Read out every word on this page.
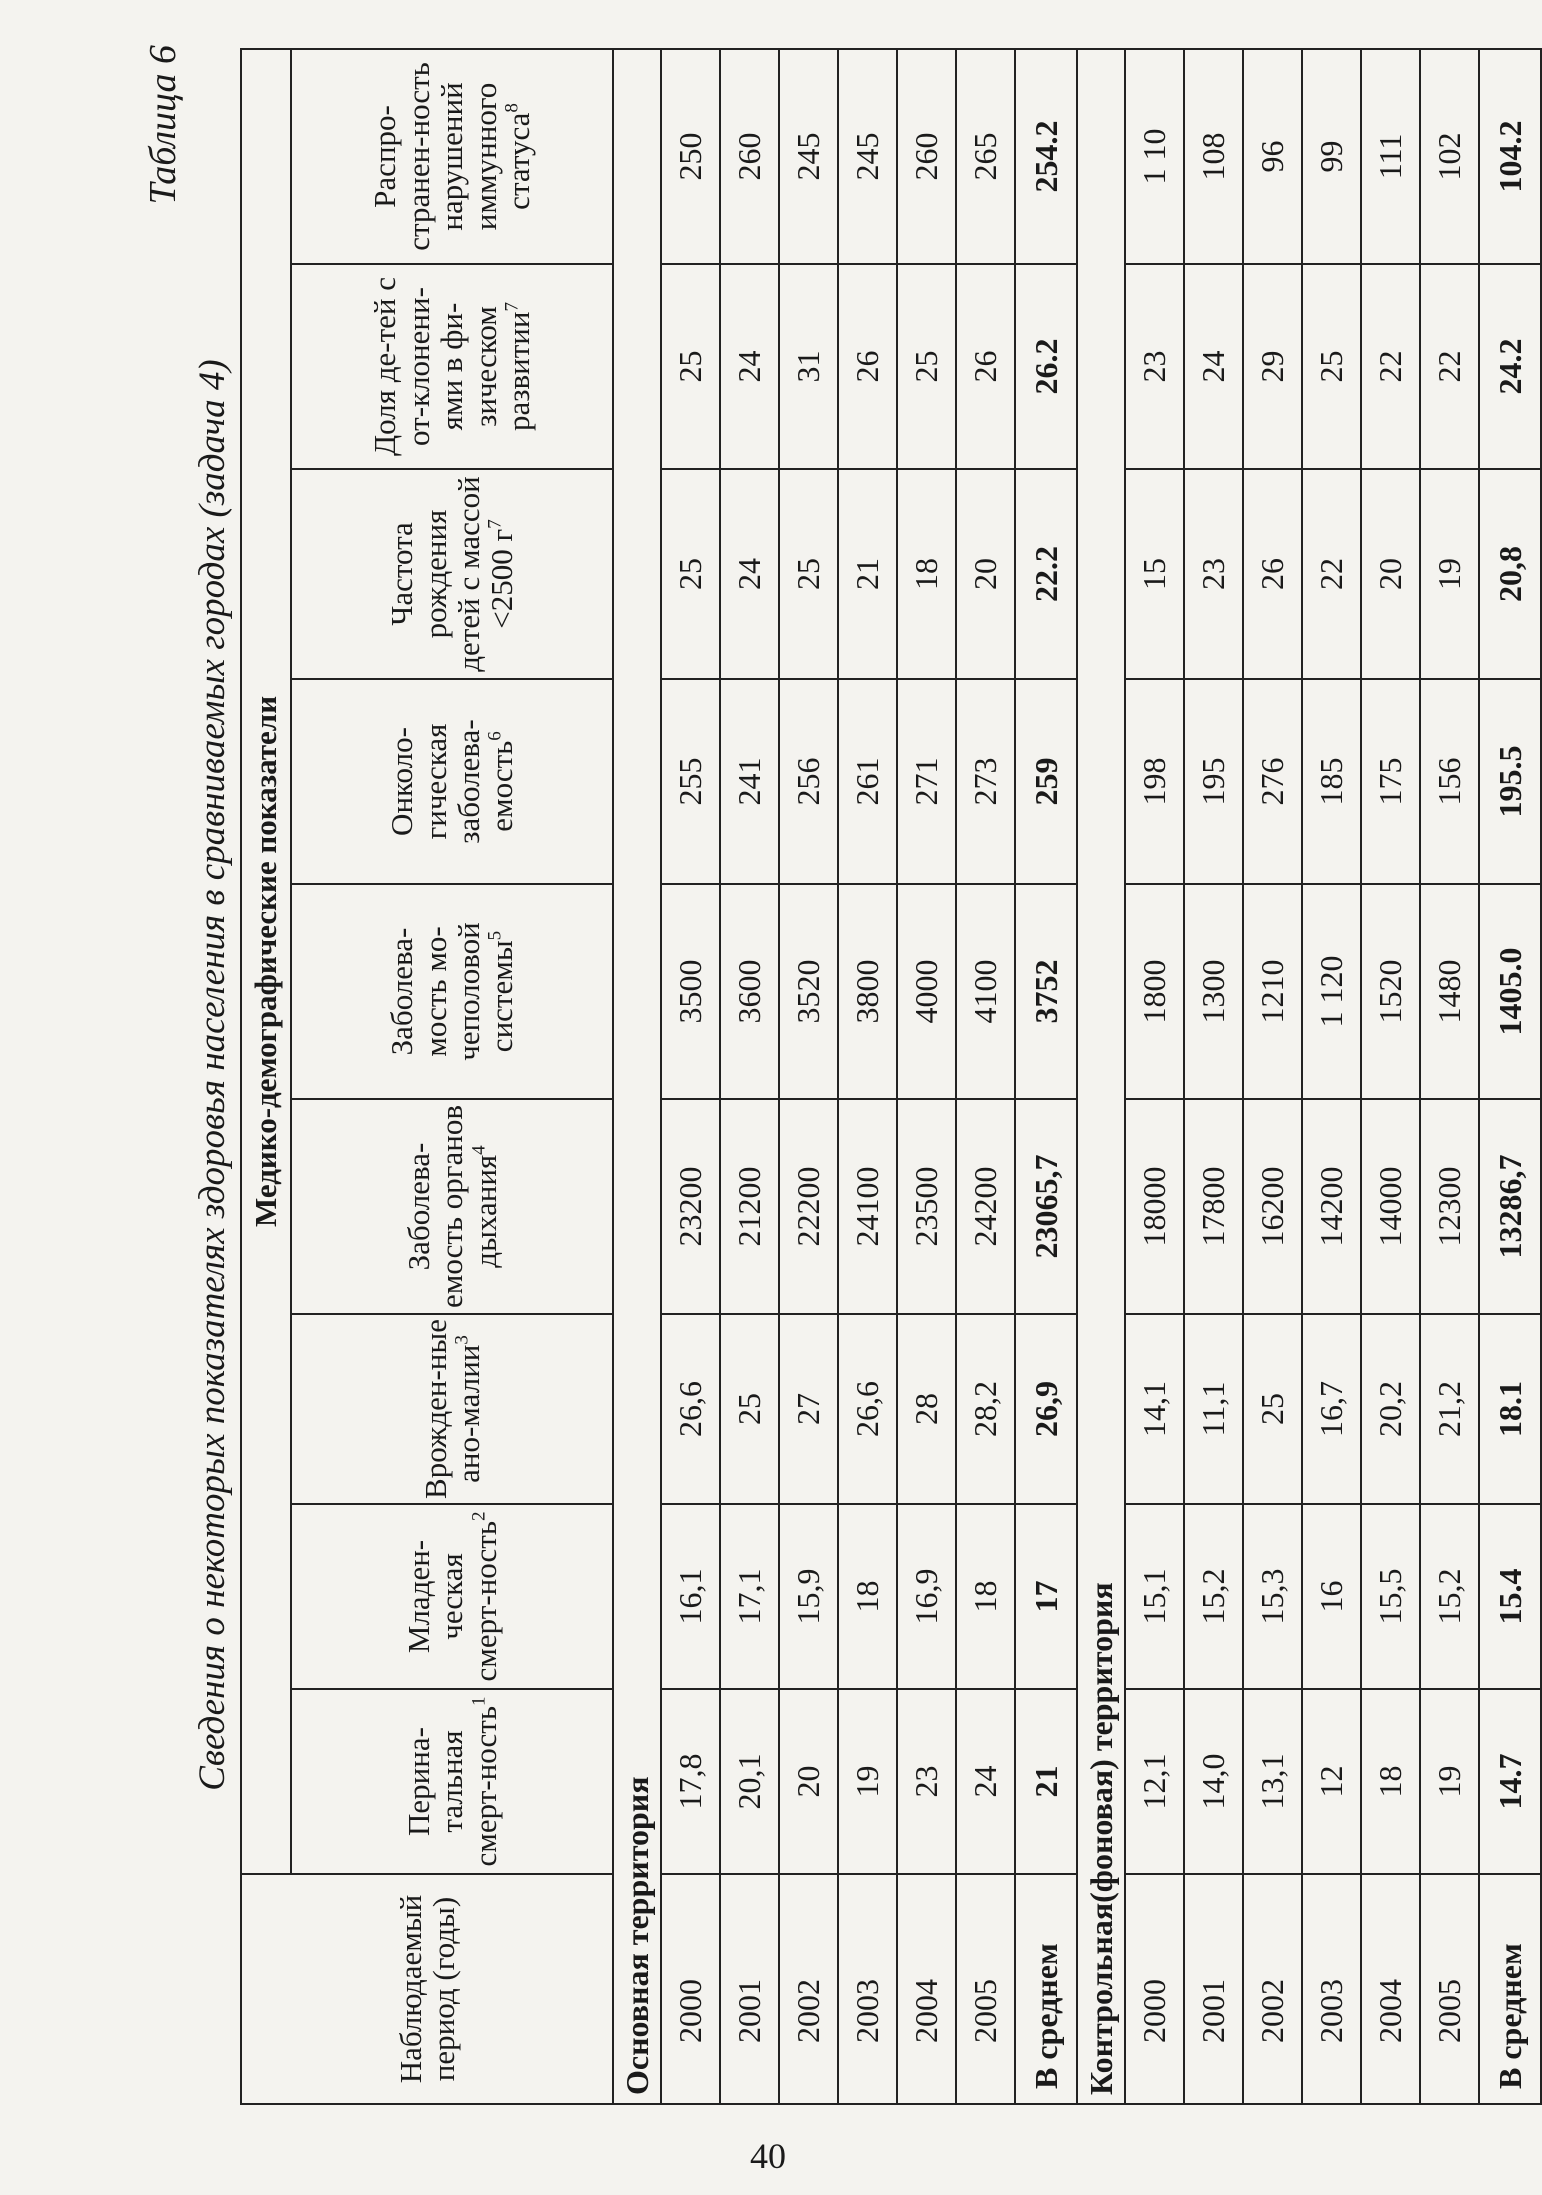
40
Таблица 6
Сведения о некоторых показателях здоровья населения в сравниваемых городах (задача 4)
Наблюдаемый период (годы)	Медико-демографические показатели								
	Перина-тальная смерт-ность$^1$	Младен-ческая смерт-ность$^2$	Врожден-ные ано-малии$^3$	Заболева-емость органов дыхания$^4$	Заболева-мость мо-чеполовой системы$^5$	Онколо-гическая заболева-емость$^6$	Частота рождения детей с массой <2500 $г^7$	Доля де-тей с от-клонени-ями в фи-зическом развитии$^7$	Распро-странен-ность нарушений иммунного статуса$^8$
Основная территория									
2000	17,8	16,1	26,6	23200	3500	255	25	25	250
2001	20,1	17,1	25	21200	3600	241	24	24	260
2002	20	15,9	27	22200	3520	256	25	31	245
2003	19	18	26,6	24100	3800	261	21	26	245
2004	23	16,9	28	23500	4000	271	18	25	260
2005	24	18	28,2	24200	4100	273	20	26	265
В среднем	21	17	26,9	23065,7	3752	259	22.2	26.2	254.2
Контрольная(фоновая) территория									
2000	12,1	15,1	14,1	18000	1800	198	15	23	1 10
2001	14,0	15,2	11,1	17800	1300	195	23	24	108
2002	13,1	15,3	25	16200	1210	276	26	29	96
2003	12	16	16,7	14200	1 120	185	22	25	99
2004	18	15,5	20,2	14000	1520	175	20	22	111
2005	19	15,2	21,2	12300	1480	156	19	22	102
В среднем	14.7	15.4	18.1	13286,7	1405.0	195.5	20,8	24.2	104.2
